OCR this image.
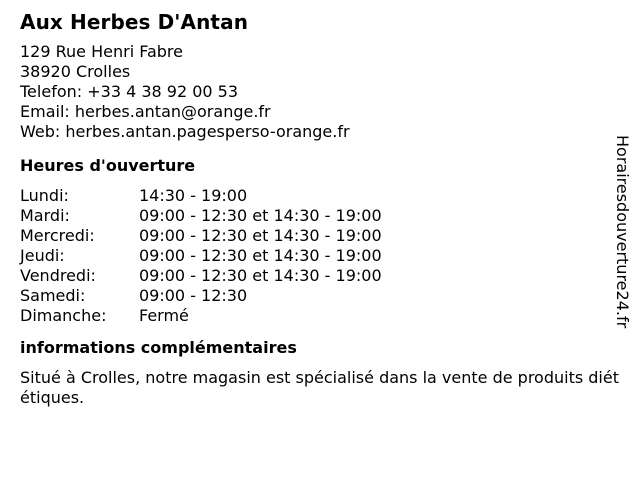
Aux Herbes D'Antan
129 Rue Henri Fabre
38920 Crolles
Telefon: +33 4 38 92 00 53
Email: herbes.antan@orange.fr
Web: herbes.antan.pagesperso-orange.fr
Heures d'ouverture
Lundi:	14:30 - 19:00
Mardi:	09:00 - 12:30 et 14:30 - 19:00
Mercredi:	09:00 - 12:30 et 14:30 - 19:00
Jeudi:	09:00 - 12:30 et 14:30 - 19:00
Vendredi:	09:00 - 12:30 et 14:30 - 19:00
Samedi:	09:00 - 12:30
Dimanche:	Fermé
informations complémentaires
Situé à Crolles, notre magasin est spécialisé dans la vente de produits diététiques.
Horairesdouverture24.fr
